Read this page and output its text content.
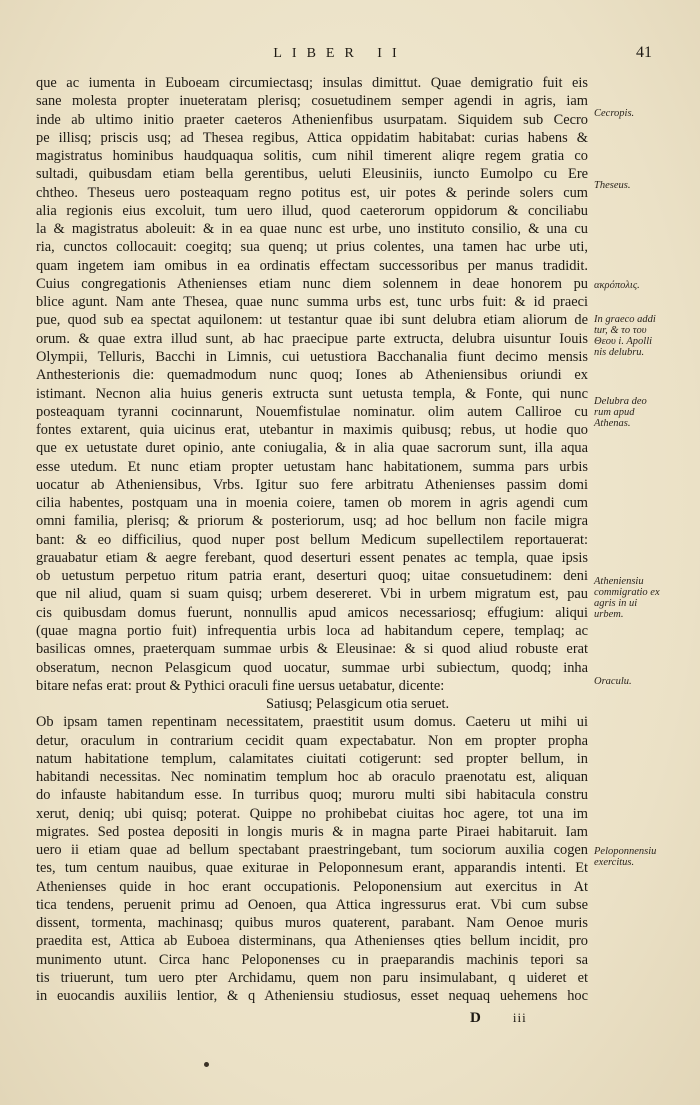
LIBER II	41
que ac iumenta in Euboeam circumiectasq; insulas dimittut. Quae demigratio fuit eis
sane molesta propter inueteratam plerisq; cosuetudinem semper agendi in agris, iam
inde ab ultimo initio praeter caeteros Athenienfibus usurpatam. Siquidem sub Cecro
pe illisq; priscis usq; ad Thesea regibus, Attica oppidatim habitabat: curias habens &
magistratus hominibus haudquaqua solitis, cum nihil timerent aliqre regem gratia co
sultadi, quibusdam etiam bella gerentibus, ueluti Eleusiniis, iuncto Eumolpo cu Ere
chtheo. Theseus uero posteaquam regno potitus est, uir potes & perinde solers cum
alia regionis eius excoluit, tum uero illud, quod caeterorum oppidorum & conciliabu
la & magistratus aboleuit: & in ea quae nunc est urbe, uno instituto consilio, & una cu
ria, cunctos collocauit: coegitq; sua quenq; ut prius colentes, una tamen hac urbe uti,
quam ingetem iam omibus in ea ordinatis effectam successoribus per manus tradidit.
Cuius congregationis Athenienses etiam nunc diem solennem in deae honorem pu
blice agunt. Nam ante Thesea, quae nunc summa urbs est, tunc urbs fuit: & id praeci
pue, quod sub ea spectat aquilonem: ut testantur quae ibi sunt delubra etiam aliorum de
orum. & quae extra illud sunt, ab hac praecipue parte extructa, delubra uisuntur Iouis
Olympii, Telluris, Bacchi in Limnis, cui uetustiora Bacchanalia fiunt decimo mensis
Anthesterionis die: quemadmodum nunc quoq; Iones ab Atheniensibus oriundi ex
istimant. Necnon alia huius generis extructa sunt uetusta templa, & Fonte, qui nunc
posteaquam tyranni cocinnarunt, Nouemfistulae nominatur. olim autem Calliroe cu
fontes extarent, quia uicinus erat, utebantur in maximis quibusq; rebus, ut hodie quo
que ex uetustate duret opinio, ante coniugalia, & in alia quae sacrorum sunt, illa aqua
esse utedum. Et nunc etiam propter uetustam hanc habitationem, summa pars urbis
uocatur ab Atheniensibus, Vrbs. Igitur suo fere arbitratu Athenienses passim domi
cilia habentes, postquam una in moenia coiere, tamen ob morem in agris agendi cum
omni familia, plerisq; & priorum & posteriorum, usq; ad hoc bellum non facile migra
bant: & eo difficilius, quod nuper post bellum Medicum supellectilem reportauerat:
grauabatur etiam & aegre ferebant, quod deserturi essent penates ac templa, quae ipsis
ob uetustum perpetuo ritum patria erant, deserturi quoq; uitae consuetudinem: deni
que nil aliud, quam si suam quisq; urbem desereret. Vbi in urbem migratum est, pau
cis quibusdam domus fuerunt, nonnullis apud amicos necessariosq; effugium: aliqui
(quae magna portio fuit) infrequentia urbis loca ad habitandum cepere, templaq; ac
basilicas omnes, praeterquam summae urbis & Eleusinae: & si quod aliud robuste erat
obseratum, necnon Pelasgicum quod uocatur, summae urbi subiectum, quodq; inha
bitare nefas erat: prout & Pythici oraculi fine uersus uetabatur, dicente:
Satiusq; Pelasgicum otia seruet.
Ob ipsam tamen repentinam necessitatem, praestitit usum domus. Caeteru ut mihi ui
detur, oraculum in contrarium cecidit quam expectabatur. Non em propter propha
natum habitatione templum, calamitates ciuitati cotigerunt: sed propter bellum, in
habitandi necessitas. Nec nominatim templum hoc ab oraculo praenotatu est, aliquan
do infauste habitandum esse. In turribus quoq; muroru multi sibi habitacula constru
xerut, deniq; ubi quisq; poterat. Quippe no prohibebat ciuitas hoc agere, tot una im
migrates. Sed postea depositi in longis muris & in magna parte Piraei habitaruit. Iam
uero ii etiam quae ad bellum spectabant praestringebant, tum sociorum auxilia cogen
tes, tum centum nauibus, quae exiturae in Peloponnesum erant, apparandis intenti. Et
Athenienses quide in hoc erant occupationis. Peloponensium aut exercitus in At
tica tendens, peruenit primu ad Oenoen, qua Attica ingressurus erat. Vbi cum subse
dissent, tormenta, machinasq; quibus muros quaterent, parabant. Nam Oenoe muris
praedita est, Attica ab Euboea disterminans, qua Athenienses qties bellum incidit, pro
munimento utunt. Circa hanc Peloponenses cu in praeparandis machinis tepori sa
tis triuerunt, tum uero pter Archidamu, quem non paru insimulabant, q uideret et
in euocandis auxiliis lentior, & q Atheniensiu studiosus, esset nequaq uehemens hoc
Cecropis.
Theseus.
ακρόπολις.
In graeco addi tur, & το του Θεου i. Apolli nis delubru.
Delubra deo rum apud Athenas.
Atheniensiu commigratio ex agris in ui urbem.
Oraculu.
Peloponnensiu exercitus.
D iii
